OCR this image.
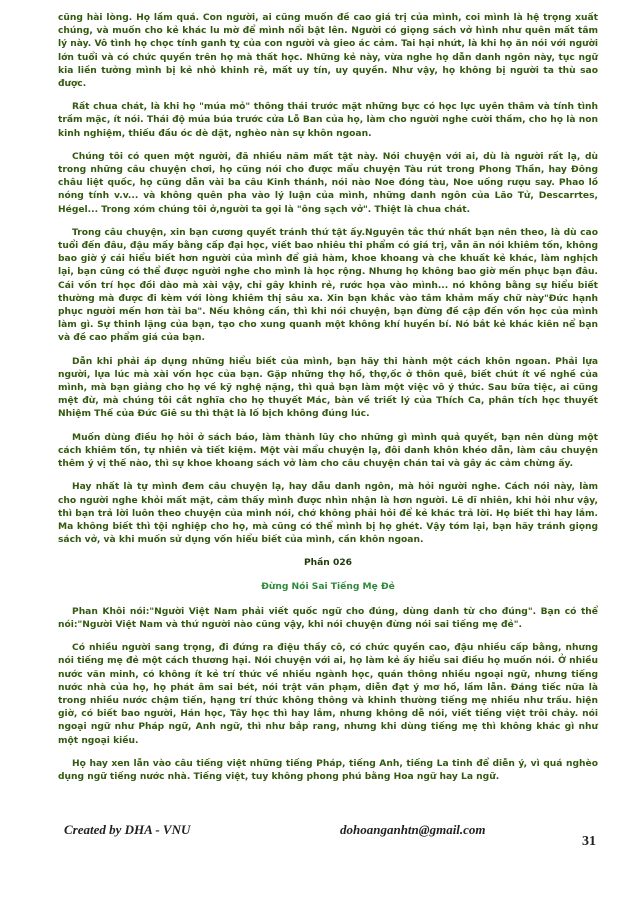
cũng hài lòng. Họ lầm quá. Con người, ai cũng muốn đề cao giá trị của mình, coi mình là hệ trọng xuất chúng, và muốn cho kẻ khác lu mờ để mình nổi bật lên. Người có giọng sách vở hình như quên mất tâm lý này. Vô tình họ chọc tính ganh tỵ của con người và gieo ác cảm. Tai hại nhứt, là khi họ ăn nói với người lớn tuổi và có chức quyền trên họ mà thất học. Những kẻ này, vừa nghe họ dẫn danh ngôn này, tục ngữ kia liền tưởng mình bị kẻ nhỏ khinh rẻ, mất uy tín, uy quyền. Như vậy, họ không bị người ta thù sao được.

Rất chua chát, là khi họ "múa mỏ" thông thái trước mặt những bực có học lực uyên thâm và tính tình trầm mặc, ít nói. Thái độ múa búa trước cửa Lỗ Ban của họ, làm cho người nghe cười thầm, cho họ là non kinh nghiệm, thiếu đầu óc dè dặt, nghèo nàn sự khôn ngoan.

Chúng tôi có quen một người, đã nhiều năm mất tật này. Nói chuyện với ai, dù là người rất lạ, dù trong những câu chuyện chơi, họ cũng nói cho được mẩu chuyện Tàu rút trong Phong Thần, hay Đông châu liệt quốc, họ cũng dẫn vài ba câu Kinh thánh, nói nào Noe đóng tàu, Noe uống rượu say. Phao lồ nóng tính v.v... và không quên pha vào lý luận của mình, những danh ngôn của Lão Tử, Descarrtes, Hégel... Trong xóm chúng tôi ở,người ta gọi là "ông sạch vở". Thiệt là chua chát.

Trong câu chuyện, xin bạn cương quyết tránh thứ tật ấy.Nguyên tắc thứ nhất bạn nên theo, là dù cao tuổi đến đâu, đậu mấy bằng cấp đại học, viết bao nhiêu thi phẩm có giá trị, vẫn ăn nói khiêm tốn, không bao giờ ý cái hiểu biết hơn người của mình để giả hàm, khoe khoang và che khuất kẻ khác, làm nghịch lại, bạn cũng có thể được người nghe cho mình là học rộng. Nhưng họ không bao giờ mến phục bạn đâu. Cái vốn trí học đồi dào mà xài vậy, chỉ gây khinh rẻ, rước họa vào mình... nó không bằng sự hiểu biết thường mà được đi kèm với lòng khiêm thị sâu xa. Xin bạn khắc vào tâm khảm mấy chữ này"Đức hạnh phục người mến hơn tài ba". Nếu không cần, thì khi nói chuyện, bạn đừng đề cập đến vốn học của mình làm gì. Sự thinh lặng của bạn, tạo cho xung quanh một không khí huyền bí. Nó bắt kẻ khác kiên nể bạn và đề cao phẩm giá của bạn.

Dẫn khi phải áp dụng những hiểu biết của mình, bạn hãy thi hành một cách khôn ngoan. Phải lựa người, lựa lúc mà xài vốn học của bạn. Gặp những thợ hồ, thợ,ốc ở thôn quê, biết chút ít về nghề của mình, mà bạn giảng cho họ về kỹ nghệ nặng, thì quả bạn làm một việc vô ý thức. Sau bữa tiệc, ai cũng mệt đừ, mà chúng tôi cắt nghĩa cho họ thuyết Mác, bàn về triết lý của Thích Ca, phân tích học thuyết Nhiệm Thế của Đức Giê su thì thật là lố bịch không đúng lúc.

Muốn dùng điều họ hỏi ở sách báo, làm thành lũy cho những gì mình quả quyết, bạn nên dùng một cách khiêm tốn, tự nhiên và tiết kiệm. Một vài mẩu chuyện lạ, đôi danh khôn khéo dẫn, làm câu chuyện thêm ý vị thế nào, thì sự khoe khoang sách vở làm cho câu chuyện chán tai và gây ác cảm chừng ấy.

Hay nhất là tự mình đem câu chuyện lạ, hay dẫu danh ngôn, mà hỏi người nghe. Cách nói này, làm cho người nghe khỏi mất mặt, cảm thấy mình được nhìn nhận là hơn người. Lẽ dĩ nhiên, khi hỏi như vậy, thì bạn trả lời luôn theo chuyện của mình nói, chớ không phải hỏi để kẻ khác trả lời. Họ biết thì hay lắm. Ma không biết thì tội nghiệp cho họ, mà cũng có thể mình bị họ ghét. Vậy tóm lại, bạn hãy tránh giọng sách vở, và khi muốn sử dụng vốn hiểu biết của mình, cần khôn ngoan.

Phần 026

Đừng Nói Sai Tiếng Mẹ Đẻ

Phan Khôi nói:"Người Việt Nam phải viết quốc ngữ cho đúng, dùng danh từ cho đúng". Bạn có thể nói:"Người Việt Nam và thứ người nào cũng vậy, khi nói chuyện đừng nói sai tiếng mẹ đẻ".

Có nhiều người sang trọng, đi đứng ra điệu thầy cô, có chức quyền cao, đậu nhiều cấp bằng, nhưng nói tiếng mẹ đẻ một cách thương hại. Nói chuyện với ai, họ làm kẻ ấy hiểu sai điều họ muốn nói. Ở nhiều nước văn minh, có không ít kẻ trí thức về nhiều ngành học, quán thông nhiều ngoại ngữ, nhưng tiếng nước nhà của họ, họ phát âm sai bét, nói trật văn phạm, diễn đạt ý mơ hồ, lầm lẫn. Đáng tiếc nữa là trong nhiều nước chậm tiến, hạng trí thức không thông và khinh thường tiếng mẹ nhiều như trấu. hiện giờ, có biết bao người, Hán học, Tây học thì hay lắm, nhưng không dễ nói, viết tiếng việt trôi chảy. nói ngoại ngữ như Pháp ngữ, Anh ngữ, thì như bắp rang, nhưng khi dùng tiếng mẹ thì không khác gì như một ngoại kiều.

Họ hay xen lẫn vào câu tiếng việt những tiếng Pháp, tiếng Anh, tiếng La tinh để diễn ý, vì quá nghèo dụng ngữ tiếng nước nhà. Tiếng việt, tuy không phong phú bằng Hoa ngữ hay La ngữ.

Created by DHA - VNU	dohoanganhtn@gmail.com
31
